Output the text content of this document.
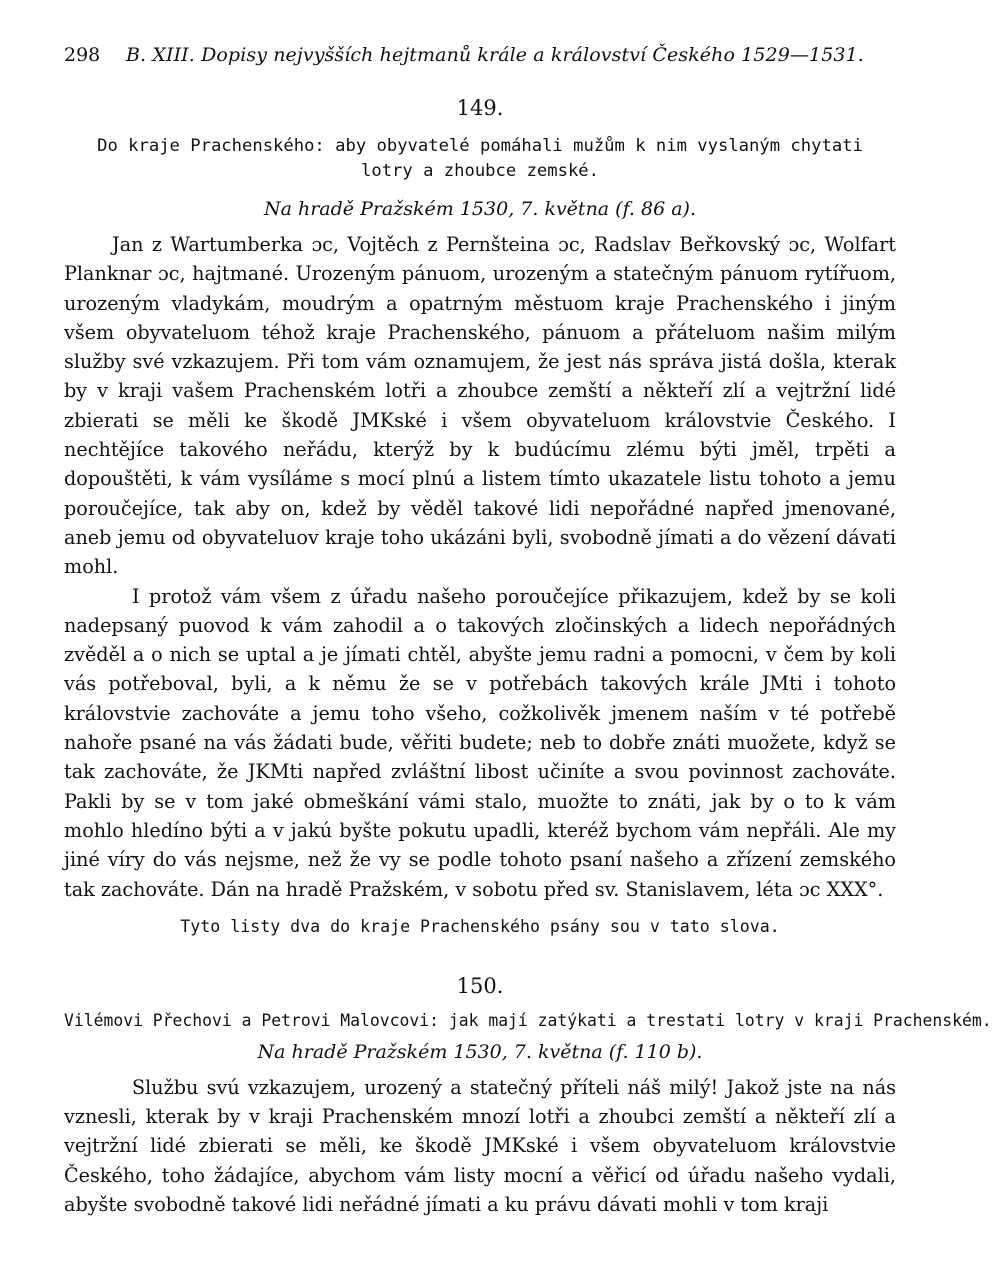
298	B. XIII. Dopisy nejvyšších hejtmanů krále a království Českého 1529—1531.
149.
Do kraje Prachenského: aby obyvatelé pomáhali mužům k nim vyslaným chytati lotry a zhoubce zemské.
Na hradě Pražském 1530, 7. května (f. 86 a).

Jan z Wartumberka ɔc, Vojtěch z Pernšteina ɔc, Radslav Beřkovský ɔc, Wolfart Planknar ɔc, hajtmané. Urozeným pánuom, urozeným a statečným pánuom rytířuom, urozeným vladykám, moudrým a opatrným městuom kraje Prachenského i jiným všem obyvateluom téhož kraje Prachenského, pánuom a přáteluom našim milým služby své vzkazujem. Při tom vám oznamujem, že jest nás správa jistá došla, kterak by v kraji vašem Prachenském lotři a zhoubce zemští a někteří zlí a vejtržní lidé zbierati se měli ke škodě JMKské i všem obyvateluom královstvie Českého. I nechtějíce takového neřádu, kterýž by k budúcímu zlému býti jměl, trpěti a dopouštěti, k vám vysíláme s mocí plnú a listem tímto ukazatele listu tohoto a jemu poroučejíce, tak aby on, kdež by věděl takové lidi nepořádné napřed jmenované, aneb jemu od obyvateluov kraje toho ukázáni byli, svobodně jímati a do vězení dávati mohl.

I protož vám všem z úřadu našeho poroučejíce přikazujem, kdež by se koli nadepsaný puovod k vám zahodil a o takových zločinských a lidech nepořádných zvěděl a o nich se uptal a je jímati chtěl, abyšte jemu radni a pomocni, v čem by koli vás potřeboval, byli, a k němu že se v potřebách takových krále JMti i tohoto královstvie zachováte a jemu toho všeho, cožkolivěk jmenem naším v té potřebě nahoře psané na vás žádati bude, věřiti budete; neb to dobře znáti muožete, když se tak zachováte, že JKMti napřed zvláštní libost učiníte a svou povinnost zachováte. Pakli by se v tom jaké obmeškání vámi stalo, muožte to znáti, jak by o to k vám mohlo hledíno býti a v jakú byšte pokutu upadli, kteréž bychom vám nepřáli. Ale my jiné víry do vás nejsme, než že vy se podle tohoto psaní našeho a zřízení zemského tak zachováte. Dán na hradě Pražském, v sobotu před sv. Stanislavem, léta ɔc XXX°.

Tyto listy dva do kraje Prachenského psány sou v tato slova.
150.
Vilémovi Přechovi a Petrovi Malovcovi: jak mají zatýkati a trestati lotry v kraji Prachenském.
Na hradě Pražském 1530, 7. května (f. 110 b).

Službu svú vzkazujem, urozený a statečný příteli náš milý! Jakož jste na nás vznesli, kterak by v kraji Prachenském mnozí lotři a zhoubci zemští a někteří zlí a vejtržní lidé zbierati se měli, ke škodě JMKské i všem obyvateluom královstvie Českého, toho žádajíce, abychom vám listy mocní a věřicí od úřadu našeho vydali, abyšte svobodně takové lidi neřádné jímati a ku právu dávati mohli v tom kraji
